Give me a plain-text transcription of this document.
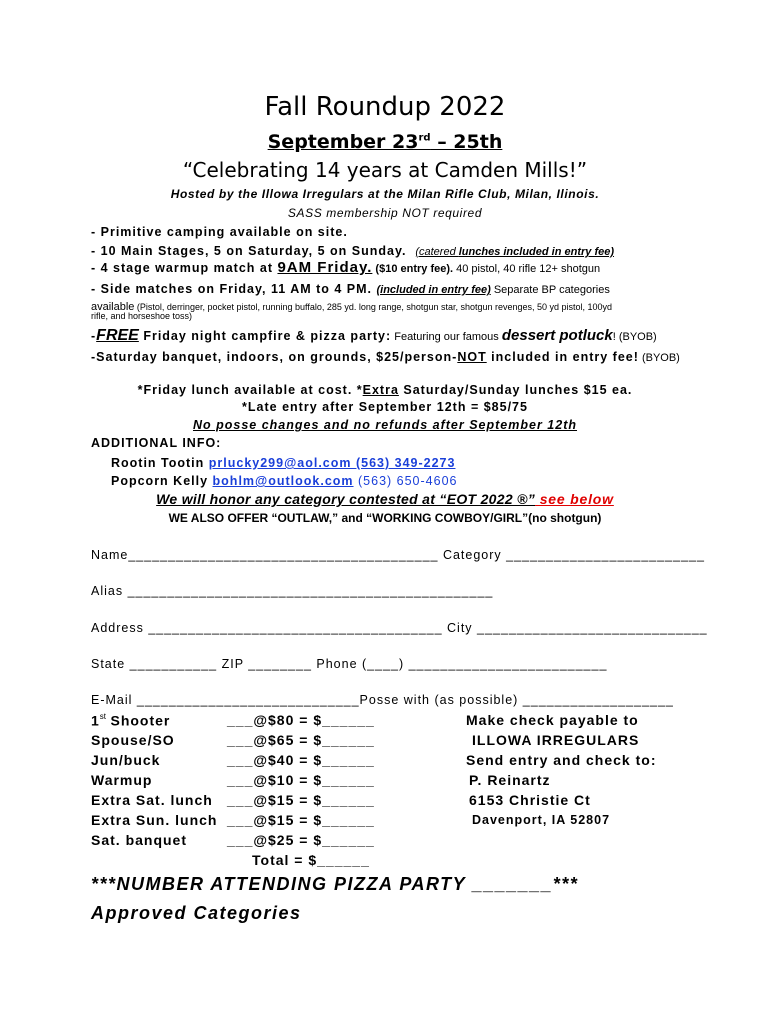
Fall Roundup 2022
September 23rd – 25th
“Celebrating 14 years at Camden Mills!”
Hosted by the Illowa Irregulars at the Milan Rifle Club, Milan, Ilinois.
SASS membership NOT required
- Primitive camping available on site.
- 10 Main Stages, 5 on Saturday, 5 on Sunday. (catered lunches included in entry fee)
- 4 stage warmup match at 9AM Friday. ($10 entry fee). 40 pistol, 40 rifle 12+ shotgun
- Side matches on Friday, 11 AM to 4 PM. (included in entry fee) Separate BP categories
available (Pistol, derringer, pocket pistol, running buffalo, 285 yd. long range, shotgun star, shotgun revenges, 50 yd pistol, 100yd
rifle, and horseshoe toss)
-FREE Friday night campfire & pizza party: Featuring our famous dessert potluck! (BYOB)
-Saturday banquet, indoors, on grounds, $25/person-NOT included in entry fee! (BYOB)
*Friday lunch available at cost. *Extra Saturday/Sunday lunches $15 ea.
*Late entry after September 12th = $85/75
No posse changes and no refunds after September 12th
ADDITIONAL INFO:
Rootin Tootin prlucky299@aol.com (563) 349-2273
Popcorn Kelly bohlm@outlook.com (563) 650-4606
We will honor any category contested at “EOT 2022 ®” see below
WE ALSO OFFER “OUTLAW,” and “WORKING COWBOY/GIRL”(no shotgun)
Name_______________________________________ Category _________________________
Alias ______________________________________________
Address _____________________________________ City _____________________________
State ___________ ZIP ________ Phone (____) _________________________
E-Mail ____________________________Posse with (as possible) ___________________
1st Shooter	___@$80 = $______
Spouse/SO	___@$65 = $______
Jun/buck	___@$40 = $______
Warmup	___@$10 = $______
Extra Sat. lunch ___@$15 = $______
Extra Sun. lunch ___@$15 = $______
Sat. banquet	___@$25 = $______
Total = $______
Make check payable to
ILLOWA IRREGULARS
Send entry and check to:
P. Reinartz
6153 Christie Ct
Davenport, IA 52807
***NUMBER ATTENDING PIZZA PARTY _______***
Approved Categories
